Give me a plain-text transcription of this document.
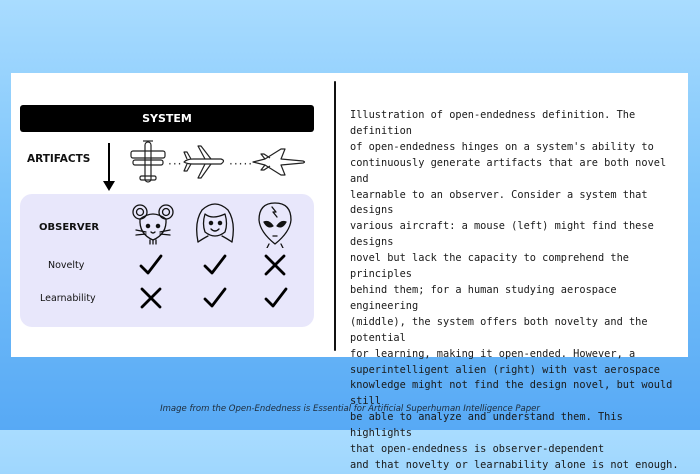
SYSTEM
ARTIFACTS	···	·····
OBSERVER
Novelty
Learnability
Illustration of open-endedness definition. The definition
of open-endedness hinges on a system's ability to
continuously generate artifacts that are both novel and
learnable to an observer. Consider a system that designs
various aircraft: a mouse (left) might find these designs
novel but lack the capacity to comprehend the principles
behind them; for a human studying aerospace engineering
(middle), the system offers both novelty and the potential
for learning, making it open-ended. However, a
superintelligent alien (right) with vast aerospace
knowledge might not find the design novel, but would still
be able to analyze and understand them. This highlights
that open-endedness is observer-dependent
and that novelty or learnability alone is not enough.
Image from the Open-Endedness is Essential for Artificial Superhuman Intelligence Paper
